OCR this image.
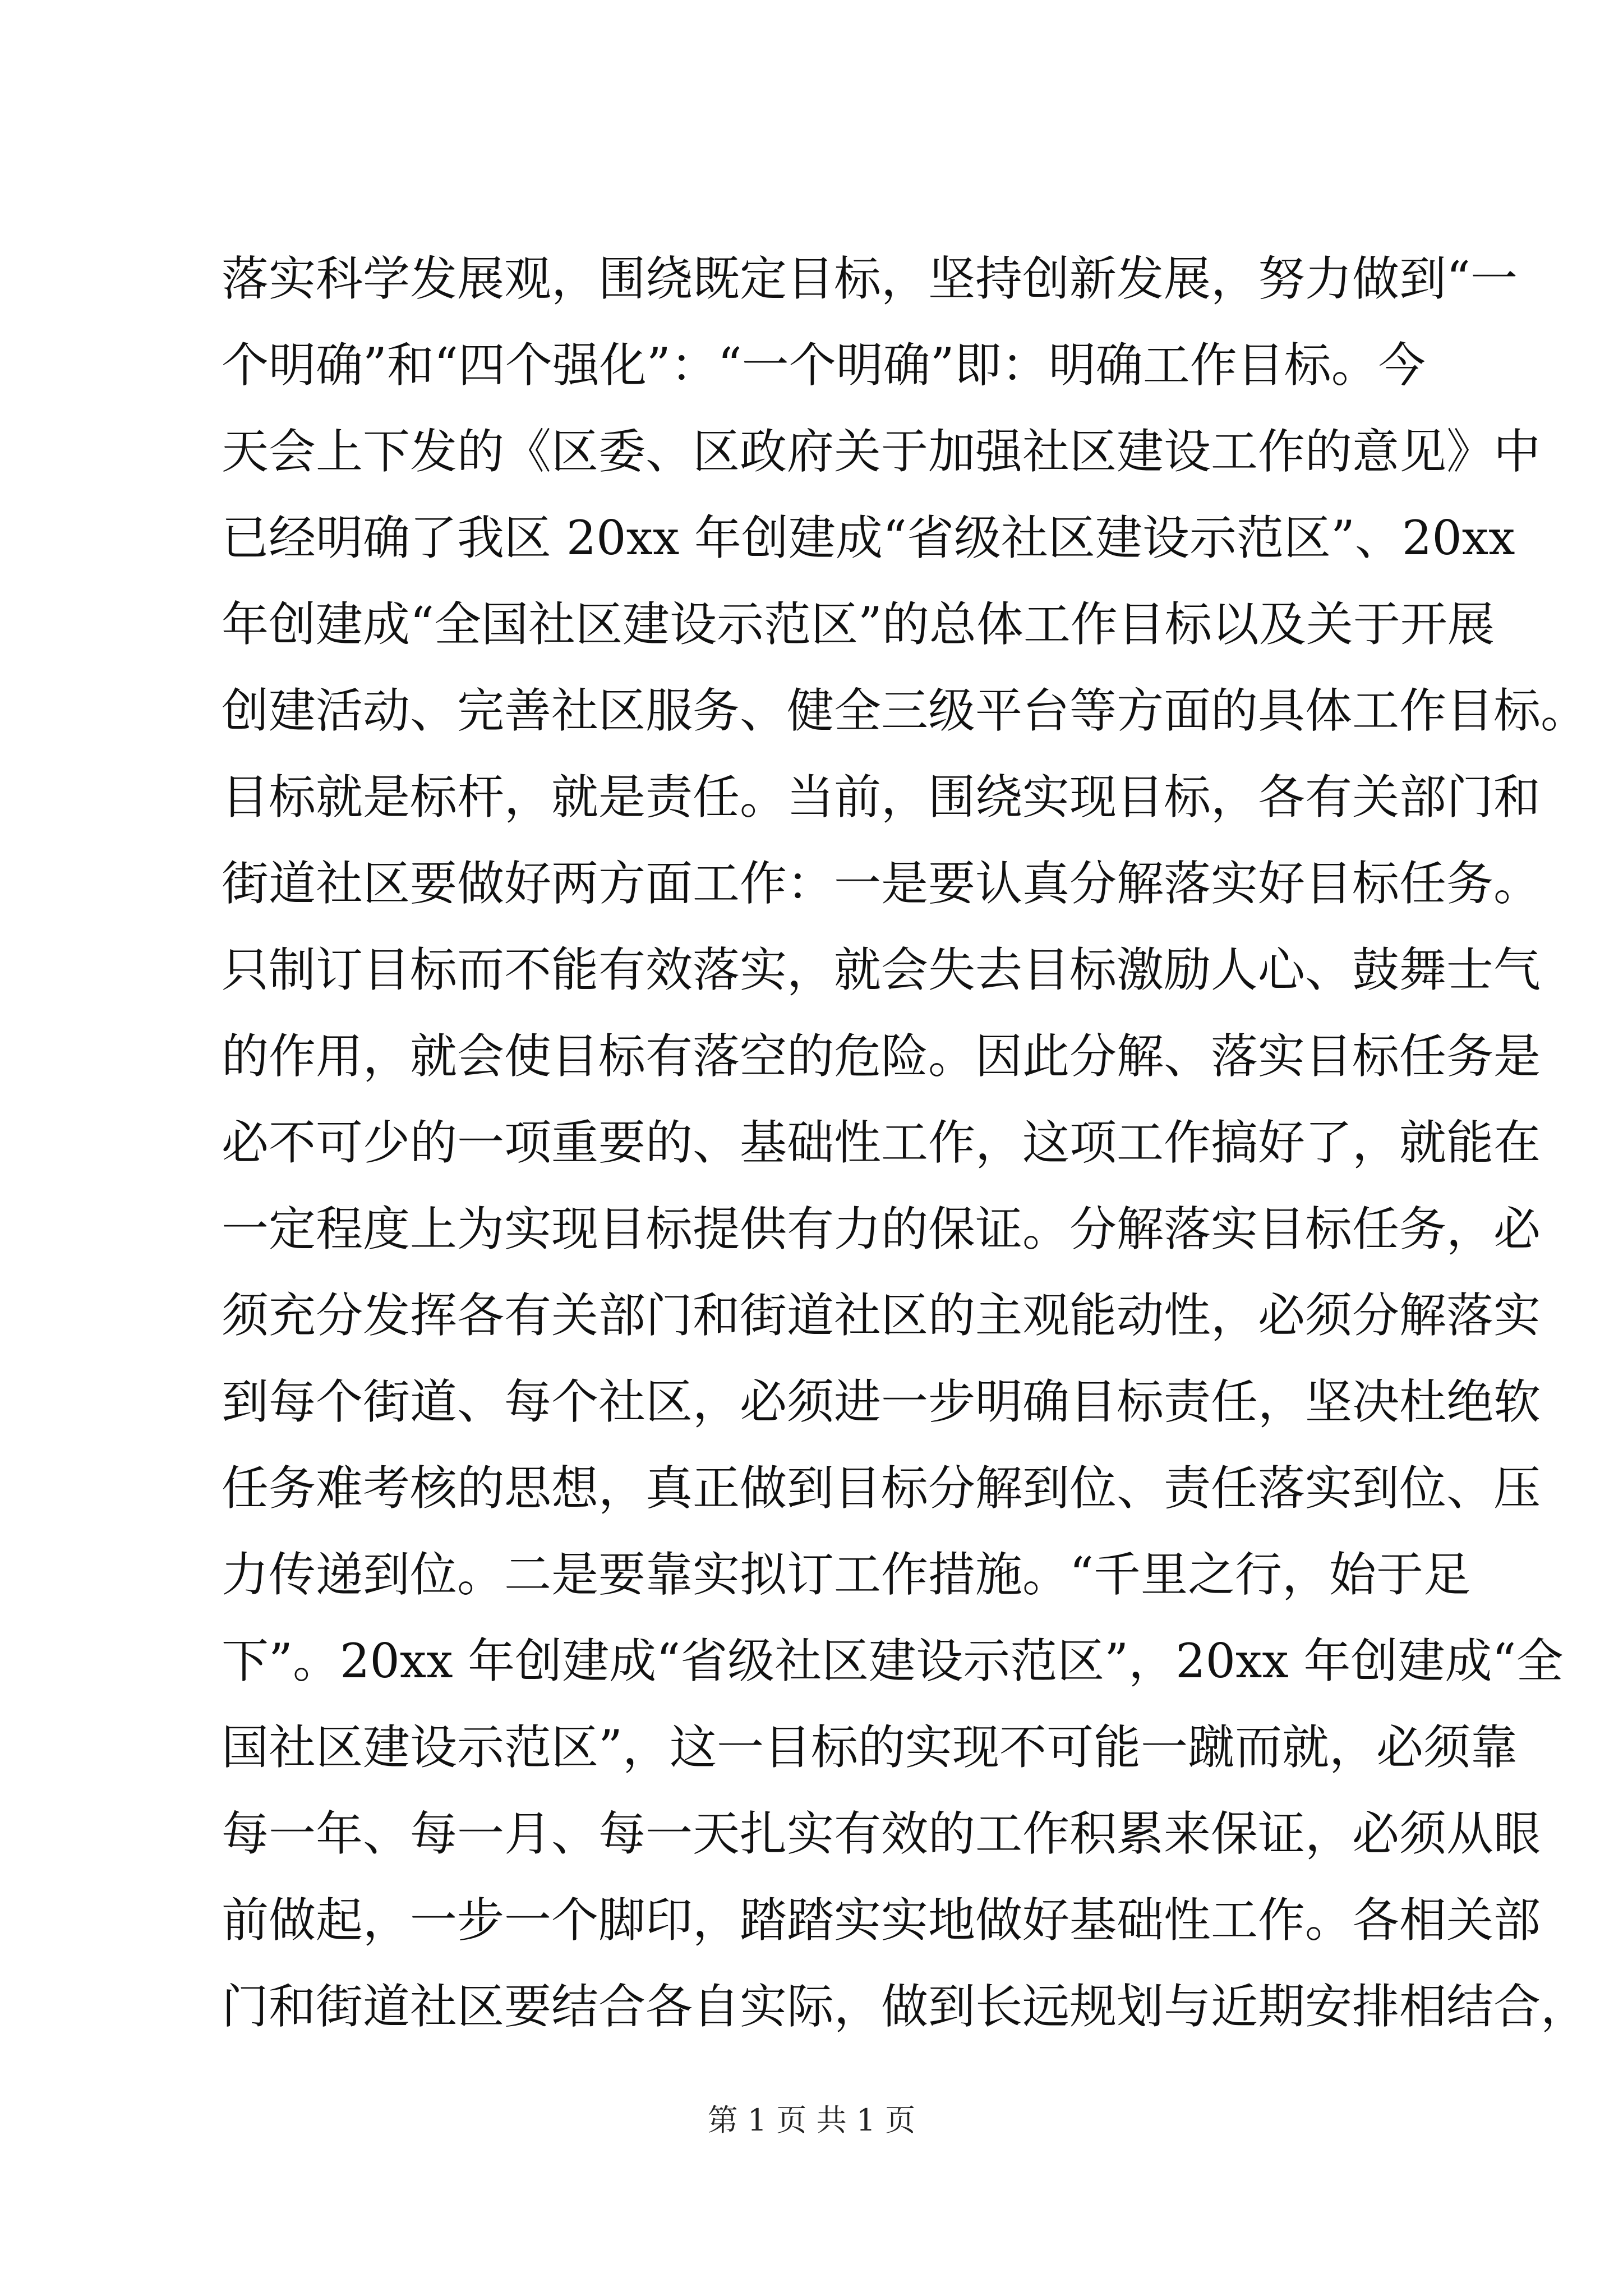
落实科学发展观，围绕既定目标，坚持创新发展，努力做到“一
个明确”和“四个强化”：“一个明确”即：明确工作目标。今
天会上下发的《区委、区政府关于加强社区建设工作的意见》中
已经明确了我区 20xx 年创建成“省级社区建设示范区”、20xx
年创建成“全国社区建设示范区”的总体工作目标以及关于开展
创建活动、完善社区服务、健全三级平台等方面的具体工作目标。
目标就是标杆，就是责任。当前，围绕实现目标，各有关部门和
街道社区要做好两方面工作：一是要认真分解落实好目标任务。
只制订目标而不能有效落实，就会失去目标激励人心、鼓舞士气
的作用，就会使目标有落空的危险。因此分解、落实目标任务是
必不可少的一项重要的、基础性工作，这项工作搞好了，就能在
一定程度上为实现目标提供有力的保证。分解落实目标任务，必
须充分发挥各有关部门和街道社区的主观能动性，必须分解落实
到每个街道、每个社区，必须进一步明确目标责任，坚决杜绝软
任务难考核的思想，真正做到目标分解到位、责任落实到位、压
力传递到位。二是要靠实拟订工作措施。“千里之行，始于足
下”。20xx 年创建成“省级社区建设示范区”，20xx 年创建成“全
国社区建设示范区”，这一目标的实现不可能一蹴而就，必须靠
每一年、每一月、每一天扎实有效的工作积累来保证，必须从眼
前做起，一步一个脚印，踏踏实实地做好基础性工作。各相关部
门和街道社区要结合各自实际，做到长远规划与近期安排相结合，
第 1 页 共 1 页
